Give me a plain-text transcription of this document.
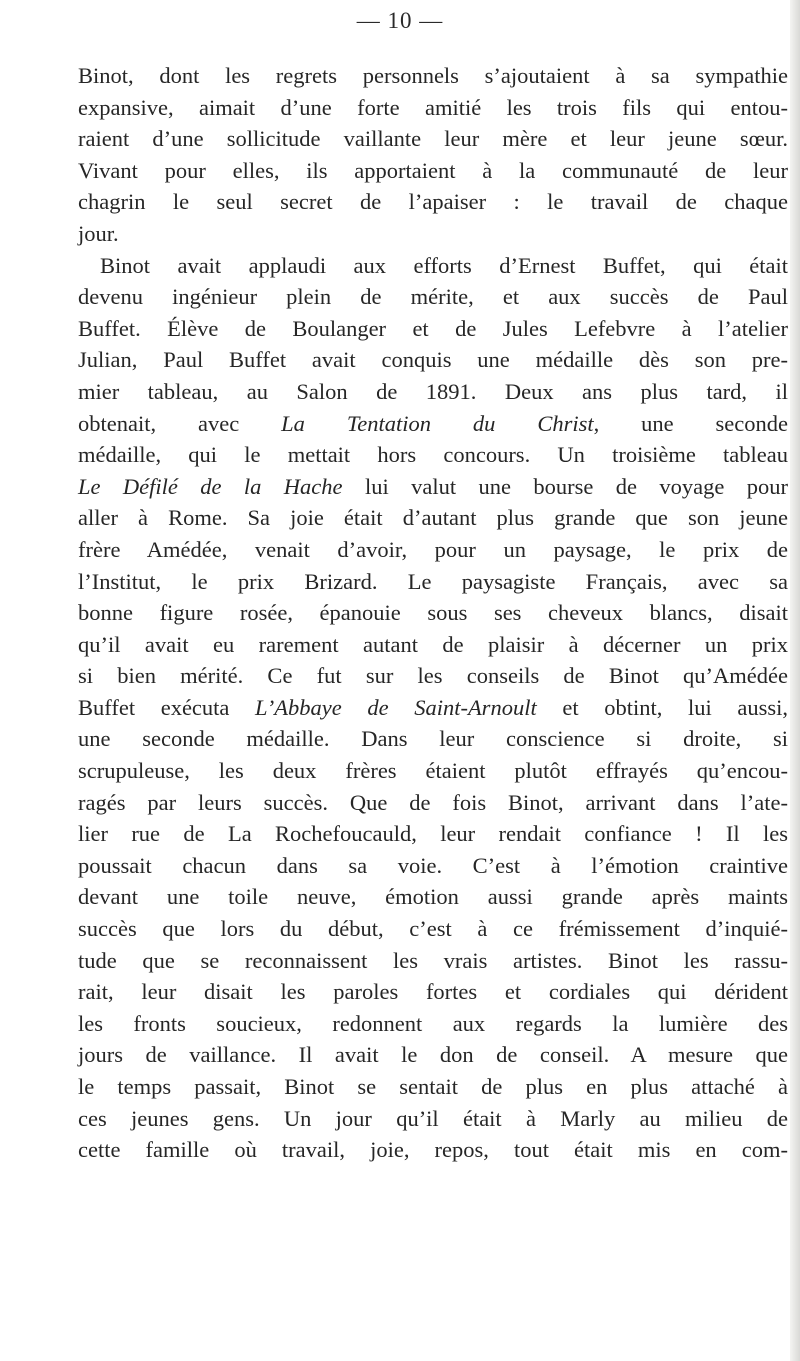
— 10 —
Binot, dont les regrets personnels s’ajoutaient à sa sympathie
expansive, aimait d’une forte amitié les trois fils qui entou-
raient d’une sollicitude vaillante leur mère et leur jeune sœur.
Vivant pour elles, ils apportaient à la communauté de leur
chagrin le seul secret de l’apaiser : le travail de chaque
jour.
Binot avait applaudi aux efforts d’Ernest Buffet, qui était
devenu ingénieur plein de mérite, et aux succès de Paul
Buffet. Élève de Boulanger et de Jules Lefebvre à l’atelier
Julian, Paul Buffet avait conquis une médaille dès son pre-
mier tableau, au Salon de 1891. Deux ans plus tard, il
obtenait, avec La Tentation du Christ, une seconde
médaille, qui le mettait hors concours. Un troisième tableau
Le Défilé de la Hache lui valut une bourse de voyage pour
aller à Rome. Sa joie était d’autant plus grande que son jeune
frère Amédée, venait d’avoir, pour un paysage, le prix de
l’Institut, le prix Brizard. Le paysagiste Français, avec sa
bonne figure rosée, épanouie sous ses cheveux blancs, disait
qu’il avait eu rarement autant de plaisir à décerner un prix
si bien mérité. Ce fut sur les conseils de Binot qu’Amédée
Buffet exécuta L’Abbaye de Saint-Arnoult et obtint, lui aussi,
une seconde médaille. Dans leur conscience si droite, si
scrupuleuse, les deux frères étaient plutôt effrayés qu’encou-
ragés par leurs succès. Que de fois Binot, arrivant dans l’ate-
lier rue de La Rochefoucauld, leur rendait confiance ! Il les
poussait chacun dans sa voie. C’est à l’émotion craintive
devant une toile neuve, émotion aussi grande après maints
succès que lors du début, c’est à ce frémissement d’inquié-
tude que se reconnaissent les vrais artistes. Binot les rassu-
rait, leur disait les paroles fortes et cordiales qui dérident
les fronts soucieux, redonnent aux regards la lumière des
jours de vaillance. Il avait le don de conseil. A mesure que
le temps passait, Binot se sentait de plus en plus attaché à
ces jeunes gens. Un jour qu’il était à Marly au milieu de
cette famille où travail, joie, repos, tout était mis en com-
